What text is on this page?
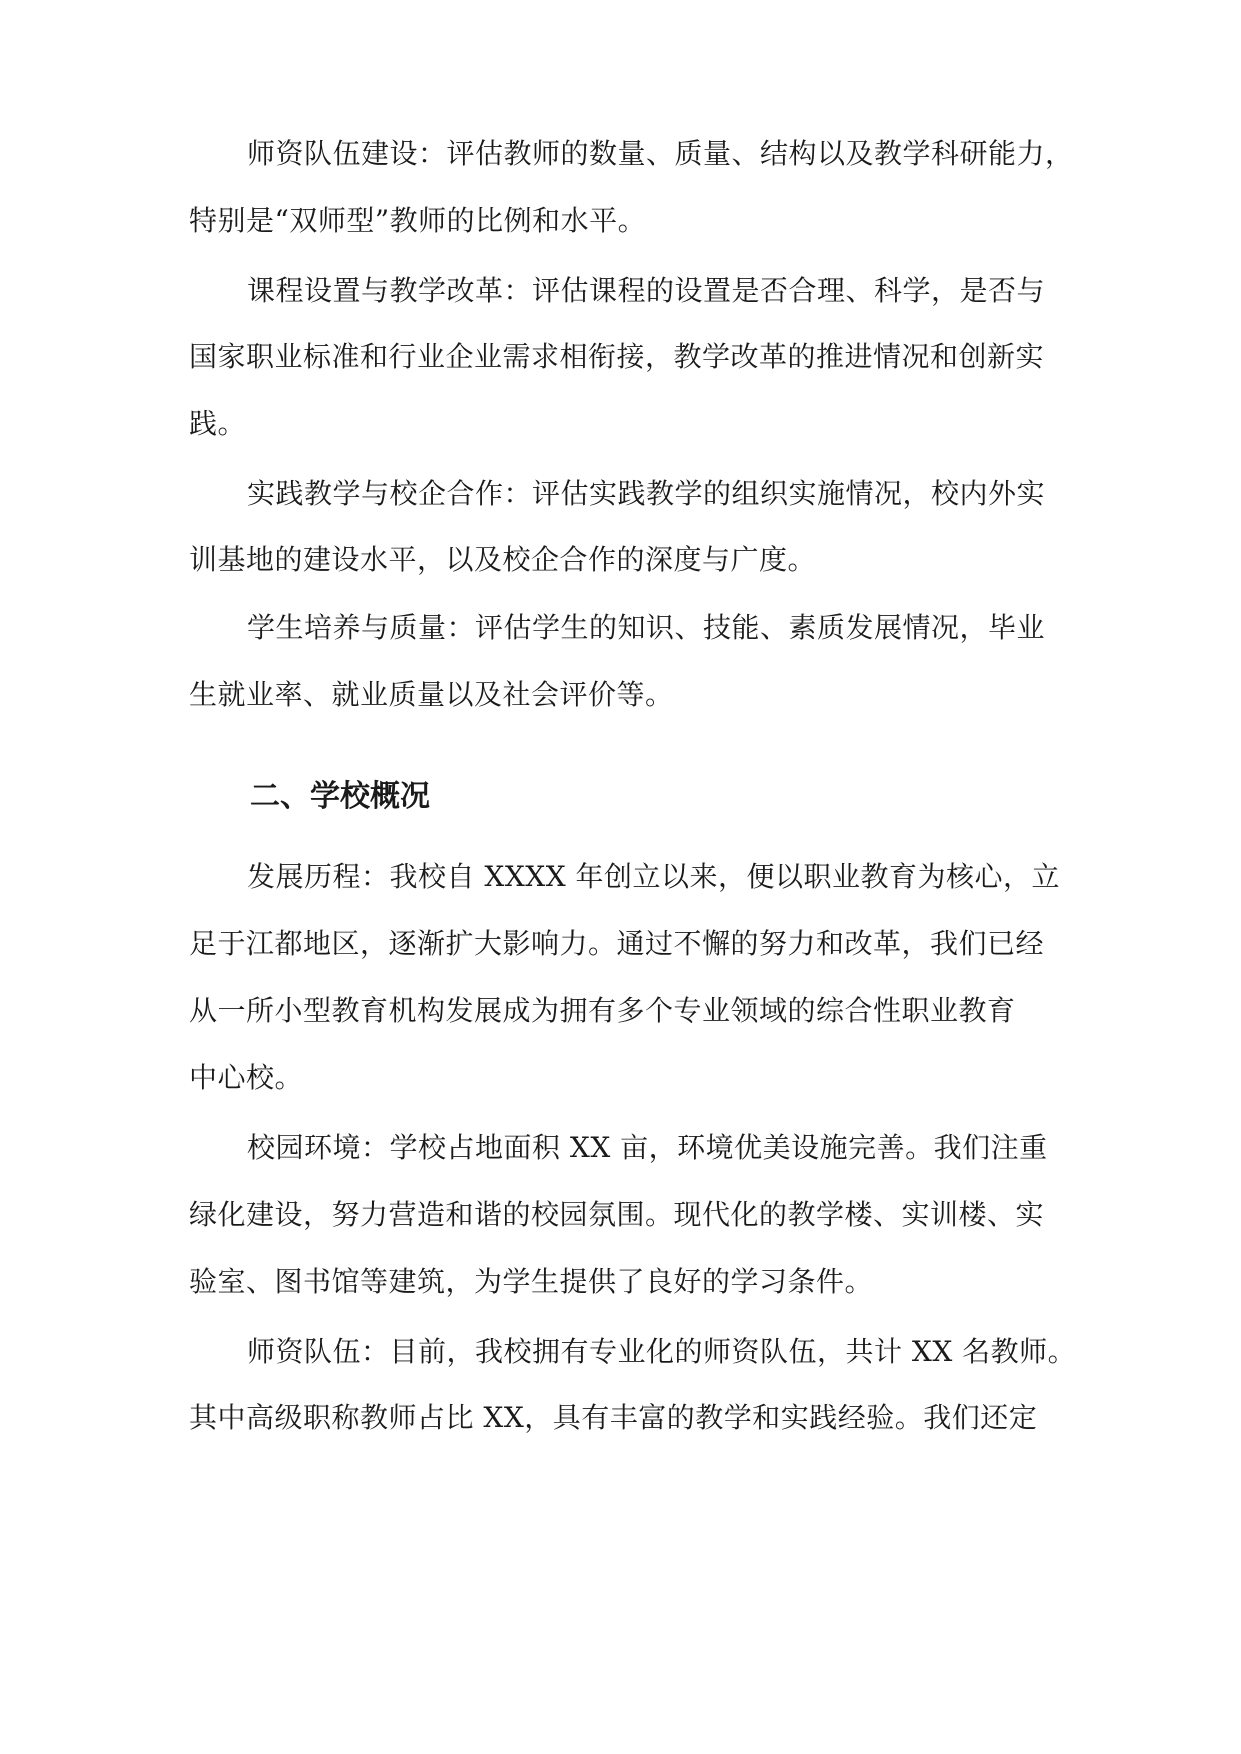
师资队伍建设：评估教师的数量、质量、结构以及教学科研能力，
特别是“双师型”教师的比例和水平。
课程设置与教学改革：评估课程的设置是否合理、科学，是否与
国家职业标准和行业企业需求相衔接，教学改革的推进情况和创新实
践。
实践教学与校企合作：评估实践教学的组织实施情况，校内外实
训基地的建设水平，以及校企合作的深度与广度。
学生培养与质量：评估学生的知识、技能、素质发展情况，毕业
生就业率、就业质量以及社会评价等。
二、学校概况
发展历程：我校自 XXXX 年创立以来，便以职业教育为核心，立
足于江都地区，逐渐扩大影响力。通过不懈的努力和改革，我们已经
从一所小型教育机构发展成为拥有多个专业领域的综合性职业教育
中心校。
校园环境：学校占地面积 XX 亩，环境优美设施完善。我们注重
绿化建设，努力营造和谐的校园氛围。现代化的教学楼、实训楼、实
验室、图书馆等建筑，为学生提供了良好的学习条件。
师资队伍：目前，我校拥有专业化的师资队伍，共计 XX 名教师。
其中高级职称教师占比 XX，具有丰富的教学和实践经验。我们还定
